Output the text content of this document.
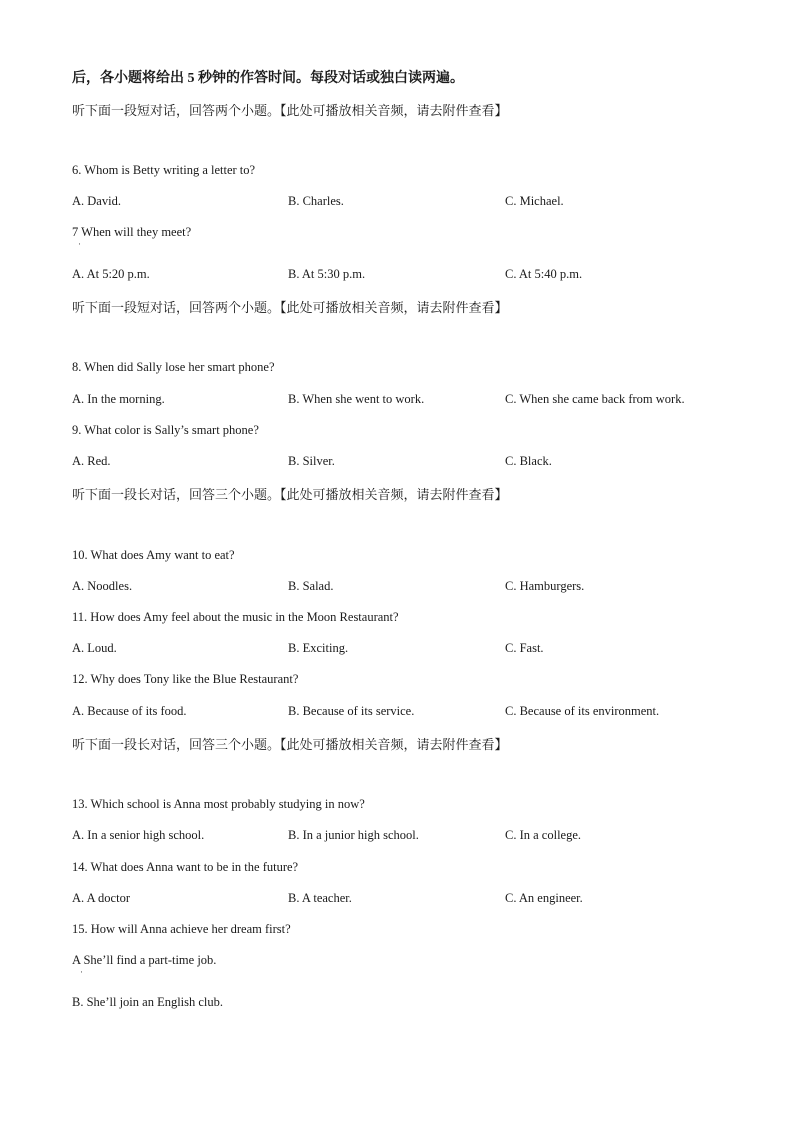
后，各小题将给出 5 秒钟的作答时间。每段对话或独白读两遍。
听下面一段短对话，回答两个小题。【此处可播放相关音频，请去附件查看】
6. Whom is Betty writing a letter to?
A. David.	B. Charles.	C. Michael.
7 When will they meet?
·
A. At 5:20 p.m.	B. At 5:30 p.m.	C. At 5:40 p.m.
听下面一段短对话，回答两个小题。【此处可播放相关音频，请去附件查看】
8. When did Sally lose her smart phone?
A. In the morning.	B. When she went to work.	C. When she came back from work.
9. What color is Sally’s smart phone?
A. Red.	B. Silver.	C. Black.
听下面一段长对话，回答三个小题。【此处可播放相关音频，请去附件查看】
10. What does Amy want to eat?
A. Noodles.	B. Salad.	C. Hamburgers.
11. How does Amy feel about the music in the Moon Restaurant?
A. Loud.	B. Exciting.	C. Fast.
12. Why does Tony like the Blue Restaurant?
A. Because of its food.	B. Because of its service.	C. Because of its environment.
听下面一段长对话，回答三个小题。【此处可播放相关音频，请去附件查看】
13. Which school is Anna most probably studying in now?
A. In a senior high school.	B. In a junior high school.	C. In a college.
14. What does Anna want to be in the future?
A. A doctor	B. A teacher.	C. An engineer.
15. How will Anna achieve her dream first?
A She’ll find a part-time job.
·
B. She’ll join an English club.
